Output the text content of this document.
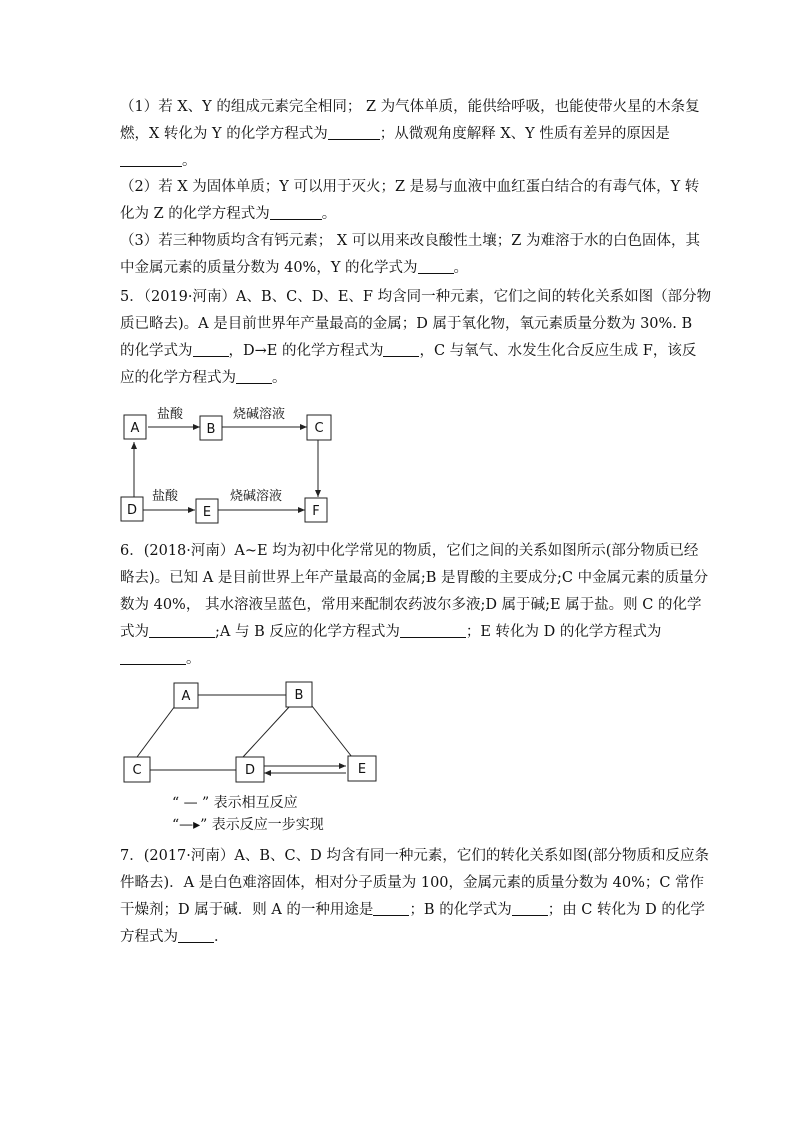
（1）若 X、Y 的组成元素完全相同； Z 为气体单质，能供给呼吸，也能使带火星的木条复
燃，X 转化为 Y 的化学方程式为	；从微观角度解释 X、Y 性质有差异的原因是
。

（2）若 X 为固体单质；Y 可以用于灭火；Z 是易与血液中血红蛋白结合的有毒气体，Y 转
化为 Z 的化学方程式为	。

（3）若三种物质均含有钙元素； X 可以用来改良酸性土壤；Z 为难溶于水的白色固体，其
中金属元素的质量分数为 40%，Y 的化学式为 。

5．（2019·河南）A、B、C、D、E、F 均含同一种元素，它们之间的转化关系如图（部分物
质已略去)。A 是目前世界年产量最高的金属；D 属于氧化物，氧元素质量分数为 30%. B
的化学式为 ，D→E 的化学方程式为 ，C 与氧气、水发生化合反应生成 F，该反
应的化学方程式为 。

盐酸	烧碱溶液
盐酸	烧碱溶液
A	B	C
D	E	F
A	B
C	D	E

6．(2018·河南）A~E 均为初中化学常见的物质，它们之间的关系如图所示(部分物质已经
略去)。已知 A 是目前世界上年产量最高的金属;B 是胃酸的主要成分;C 中金属元素的质量分
数为 40%， 其水溶液呈蓝色，常用来配制农药波尔多液;D 属于碱;E 属于盐。则 C 的化学
式为	;A 与 B 反应的化学方程式为	；E 转化为 D 的化学方程式为
。

“ — ” 表示相互反应
“—▸” 表示反应一步实现

7．(2017·河南）A、B、C、D 均含有同一种元素，它们的转化关系如图(部分物质和反应条
件略去)．A 是白色难溶固体，相对分子质量为 100，金属元素的质量分数为 40%；C 常作
干燥剂；D 属于碱．则 A 的一种用途是 ；B 的化学式为 ；由 C 转化为 D 的化学
方程式为 ．
